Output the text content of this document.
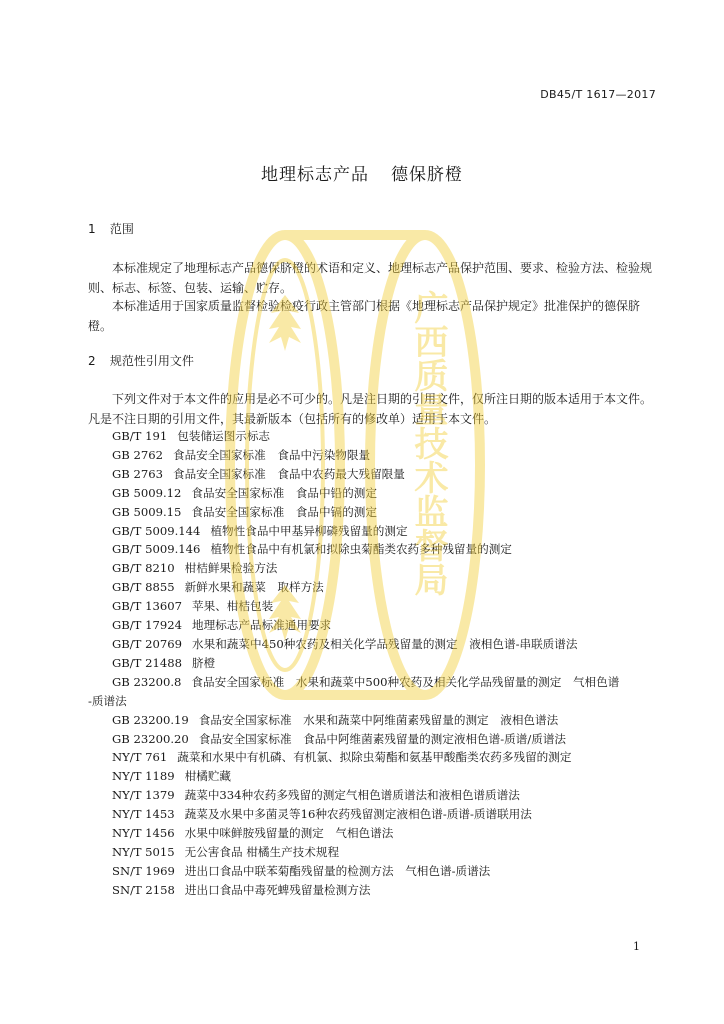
DB45/T 1617—2017
地理标志产品 德保脐橙
1 范围
本标准规定了地理标志产品德保脐橙的术语和定义、地理标志产品保护范围、要求、检验方法、检验规则、标志、标签、包装、运输、贮存。
本标准适用于国家质量监督检验检疫行政主管部门根据《地理标志产品保护规定》批准保护的德保脐橙。
2 规范性引用文件
下列文件对于本文件的应用是必不可少的。凡是注日期的引用文件，仅所注日期的版本适用于本文件。凡是不注日期的引用文件，其最新版本（包括所有的修改单）适用于本文件。
GB/T 191 包装储运图示标志
GB 2762 食品安全国家标准　食品中污染物限量
GB 2763 食品安全国家标准　食品中农药最大残留限量
GB 5009.12 食品安全国家标准　食品中铅的测定
GB 5009.15 食品安全国家标准　食品中镉的测定
GB/T 5009.144 植物性食品中甲基异柳磷残留量的测定
GB/T 5009.146 植物性食品中有机氯和拟除虫菊酯类农药多种残留量的测定
GB/T 8210 柑桔鲜果检验方法
GB/T 8855 新鲜水果和蔬菜　取样方法
GB/T 13607 苹果、柑桔包装
GB/T 17924 地理标志产品标准通用要求
GB/T 20769 水果和蔬菜中450种农药及相关化学品残留量的测定　液相色谱-串联质谱法
GB/T 21488 脐橙
GB 23200.8 食品安全国家标准　水果和蔬菜中500种农药及相关化学品残留量的测定　气相色谱
-质谱法
GB 23200.19 食品安全国家标准　水果和蔬菜中阿维菌素残留量的测定　液相色谱法
GB 23200.20 食品安全国家标准　食品中阿维菌素残留量的测定液相色谱-质谱/质谱法
NY/T 761 蔬菜和水果中有机磷、有机氯、拟除虫菊酯和氨基甲酸酯类农药多残留的测定
NY/T 1189 柑橘贮藏
NY/T 1379 蔬菜中334种农药多残留的测定气相色谱质谱法和液相色谱质谱法
NY/T 1453 蔬菜及水果中多菌灵等16种农药残留测定液相色谱-质谱-质谱联用法
NY/T 1456 水果中咪鲜胺残留量的测定　气相色谱法
NY/T 5015 无公害食品 柑橘生产技术规程
SN/T 1969 进出口食品中联苯菊酯残留量的检测方法　气相色谱-质谱法
SN/T 2158 进出口食品中毒死蜱残留量检测方法
广西质量技术监督局
1
